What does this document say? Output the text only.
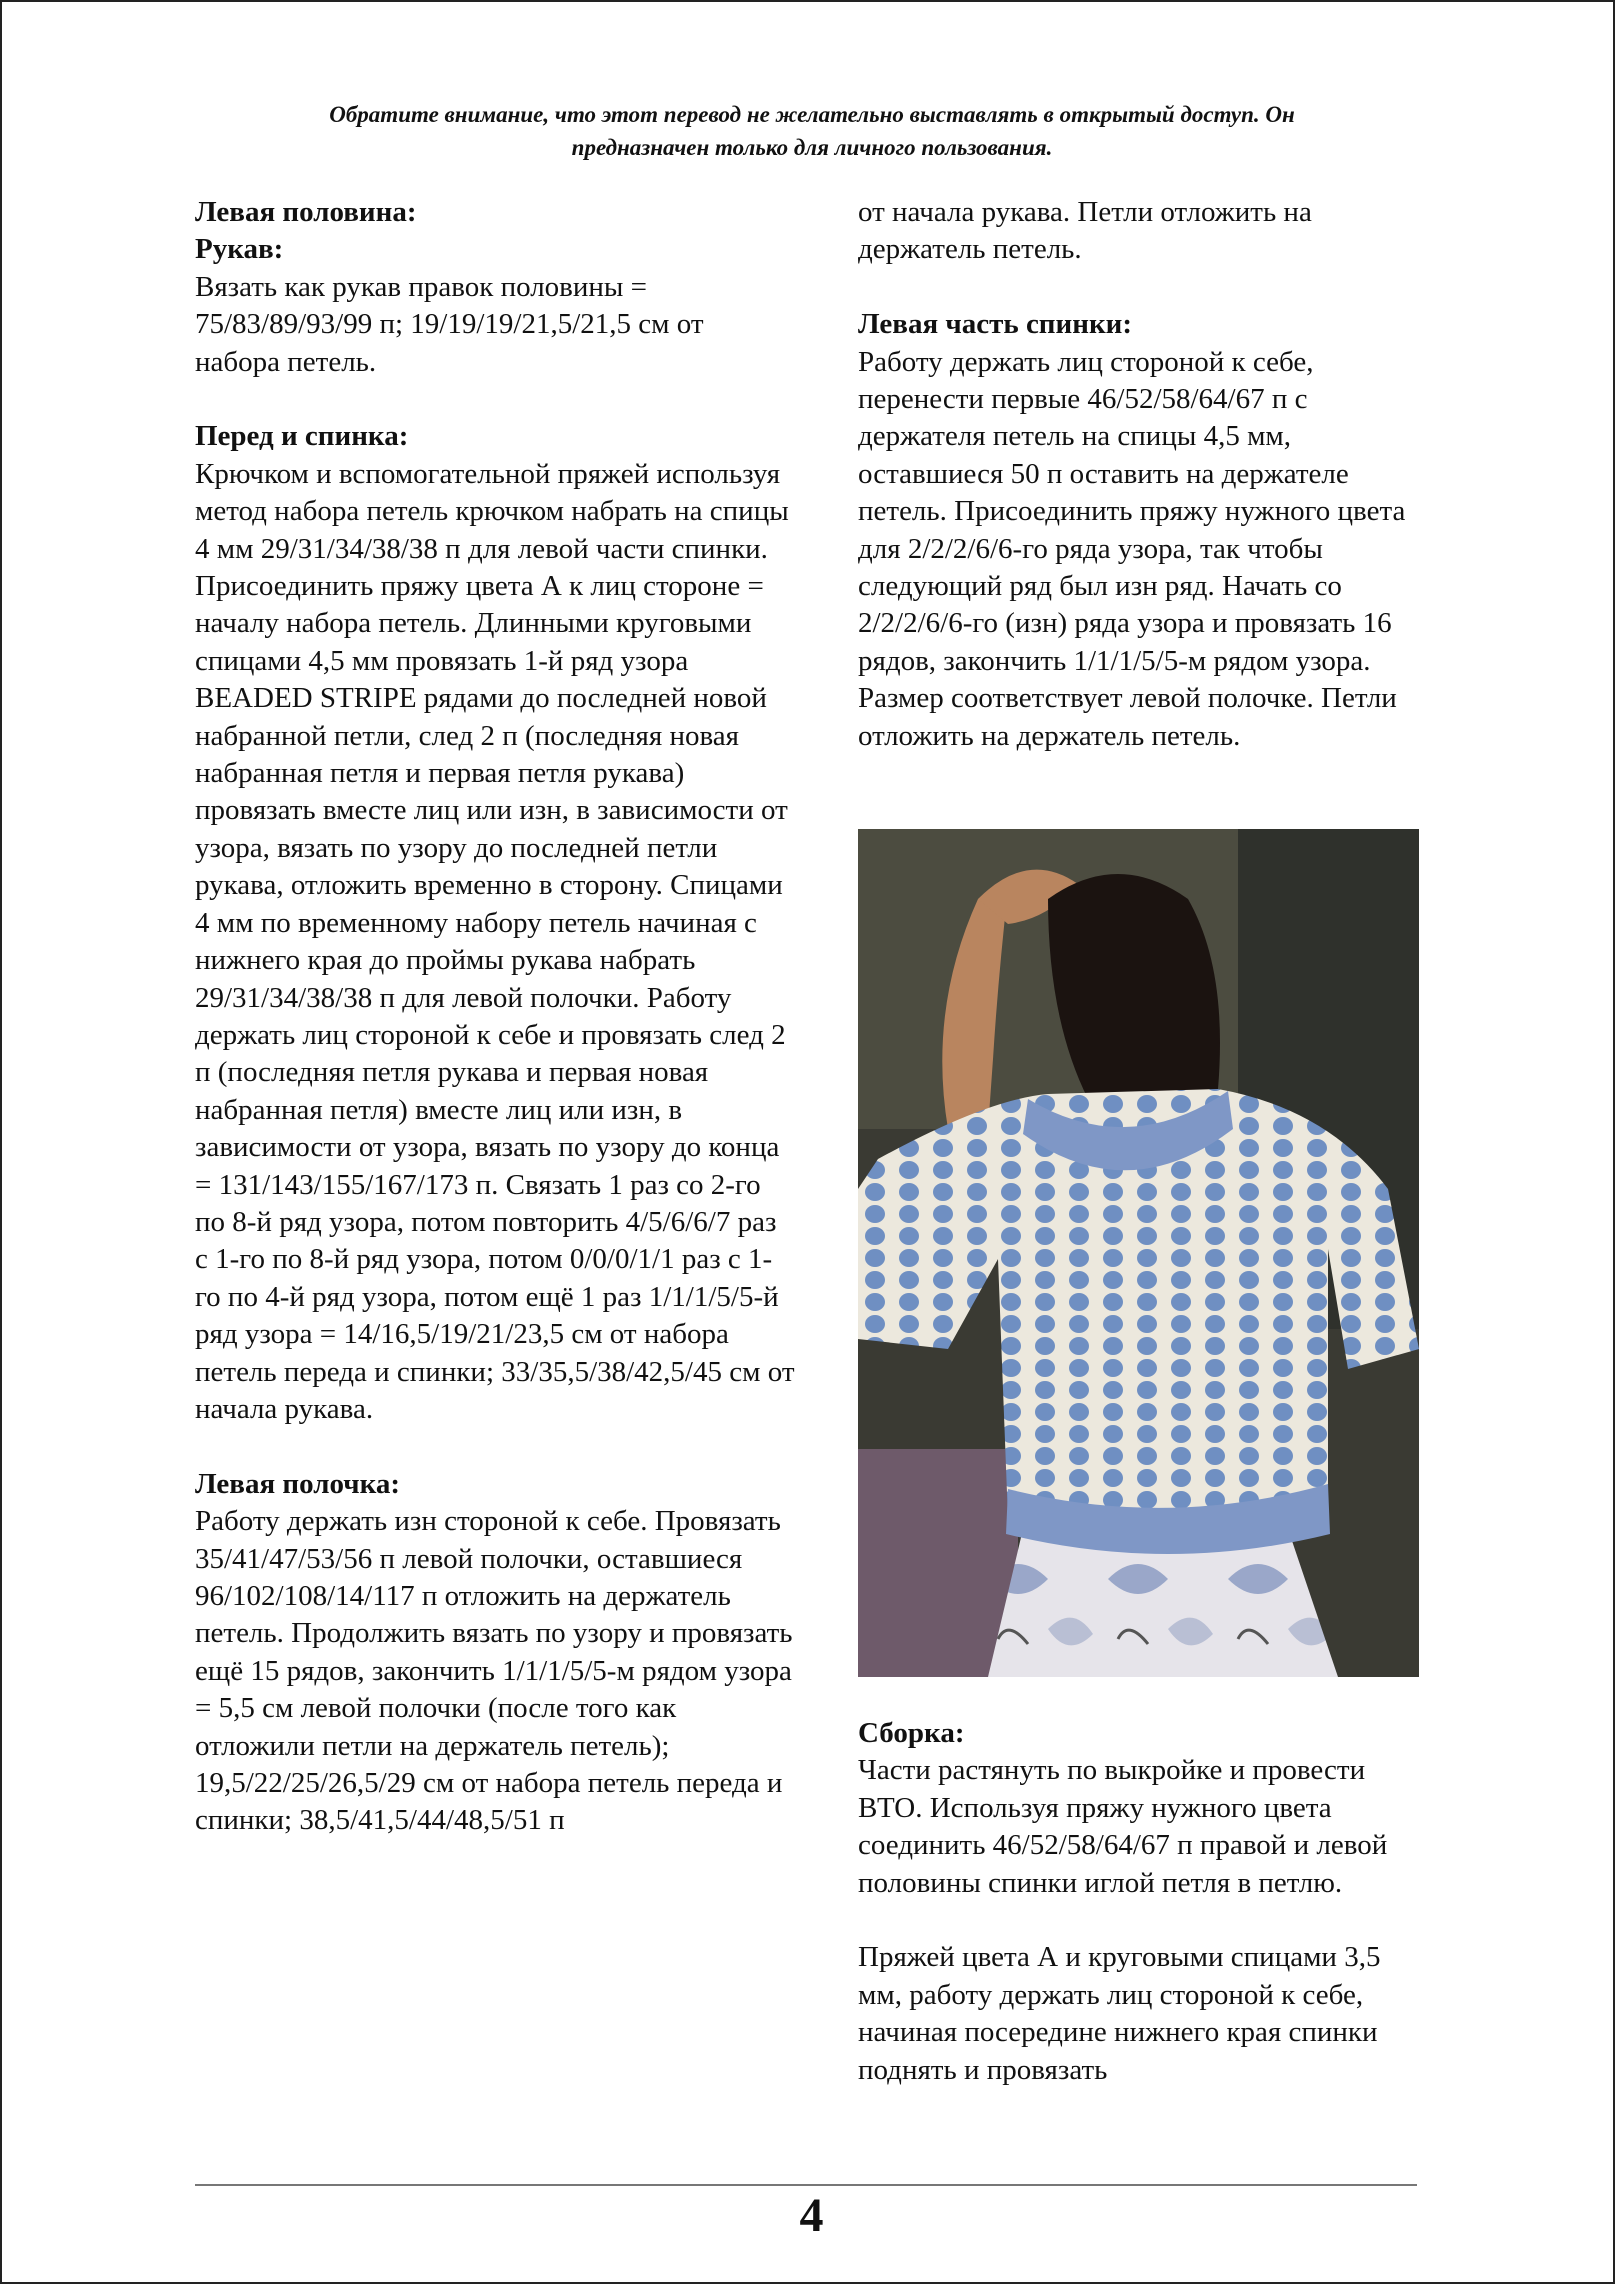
Обратите внимание, что этот перевод не желательно выставлять в открытый доступ. Он

предназначен только для личного пользования.

Левая половина:

Рукав:

Вязать как рукав правок половины = 75/83/89/93/99 п; 19/19/19/21,5/21,5 см от набора петель.

Перед и спинка:

Крючком и вспомогательной пряжей используя метод набора петель крючком набрать на спицы 4 мм 29/31/34/38/38 п для левой части спинки. Присоединить пряжу цвета А к лиц стороне = началу набора петель. Длинными круговыми спицами 4,5 мм провязать 1-й ряд узора BEADED STRIPE рядами до последней новой набранной петли, след 2 п (последняя новая набранная петля и первая петля рукава) провязать вместе лиц или изн, в зависимости от узора, вязать по узору до последней петли рукава, отложить временно в сторону. Спицами 4 мм по временному набору петель начиная с нижнего края до проймы рукава набрать 29/31/34/38/38 п для левой полочки. Работу держать лиц стороной к себе и провязать след 2 п (последняя петля рукава и первая новая набранная петля) вместе лиц или изн, в зависимости от узора, вязать по узору до конца = 131/143/155/167/173 п. Связать 1 раз со 2-го по 8-й ряд узора, потом повторить 4/5/6/6/7 раз с 1-го по 8-й ряд узора, потом 0/0/0/1/1 раз с 1-го по 4-й ряд узора, потом ещё 1 раз 1/1/1/5/5-й ряд узора = 14/16,5/19/21/23,5 см от набора петель переда и спинки; 33/35,5/38/42,5/45 см от начала рукава.

Левая полочка:

Работу держать изн стороной к себе. Провязать 35/41/47/53/56 п левой полочки, оставшиеся 96/102/108/14/117 п отложить на держатель петель. Продолжить вязать по узору и провязать ещё 15 рядов, закончить 1/1/1/5/5-м рядом узора = 5,5 см левой полочки (после того как отложили петли на держатель петель); 19,5/22/25/26,5/29 см от набора петель переда и спинки; 38,5/41,5/44/48,5/51 п

от начала рукава. Петли отложить на держатель петель.

Левая часть спинки:

Работу держать лиц стороной к себе, перенести первые 46/52/58/64/67 п с держателя петель на спицы 4,5 мм, оставшиеся 50 п оставить на держателе петель. Присоединить пряжу нужного цвета для 2/2/2/6/6-го ряда узора, так чтобы следующий ряд был изн ряд. Начать со 2/2/2/6/6-го (изн) ряда узора и провязать 16 рядов, закончить 1/1/1/5/5-м рядом узора. Размер соответствует левой полочке. Петли отложить на держатель петель.

Сборка:

Части растянуть по выкройке и провести ВТО. Используя пряжу нужного цвета соединить 46/52/58/64/67 п правой и левой половины спинки иглой петля в петлю.

Пряжей цвета А и круговыми спицами 3,5 мм, работу держать лиц стороной к себе, начиная посередине нижнего края спинки поднять и провязать

4
